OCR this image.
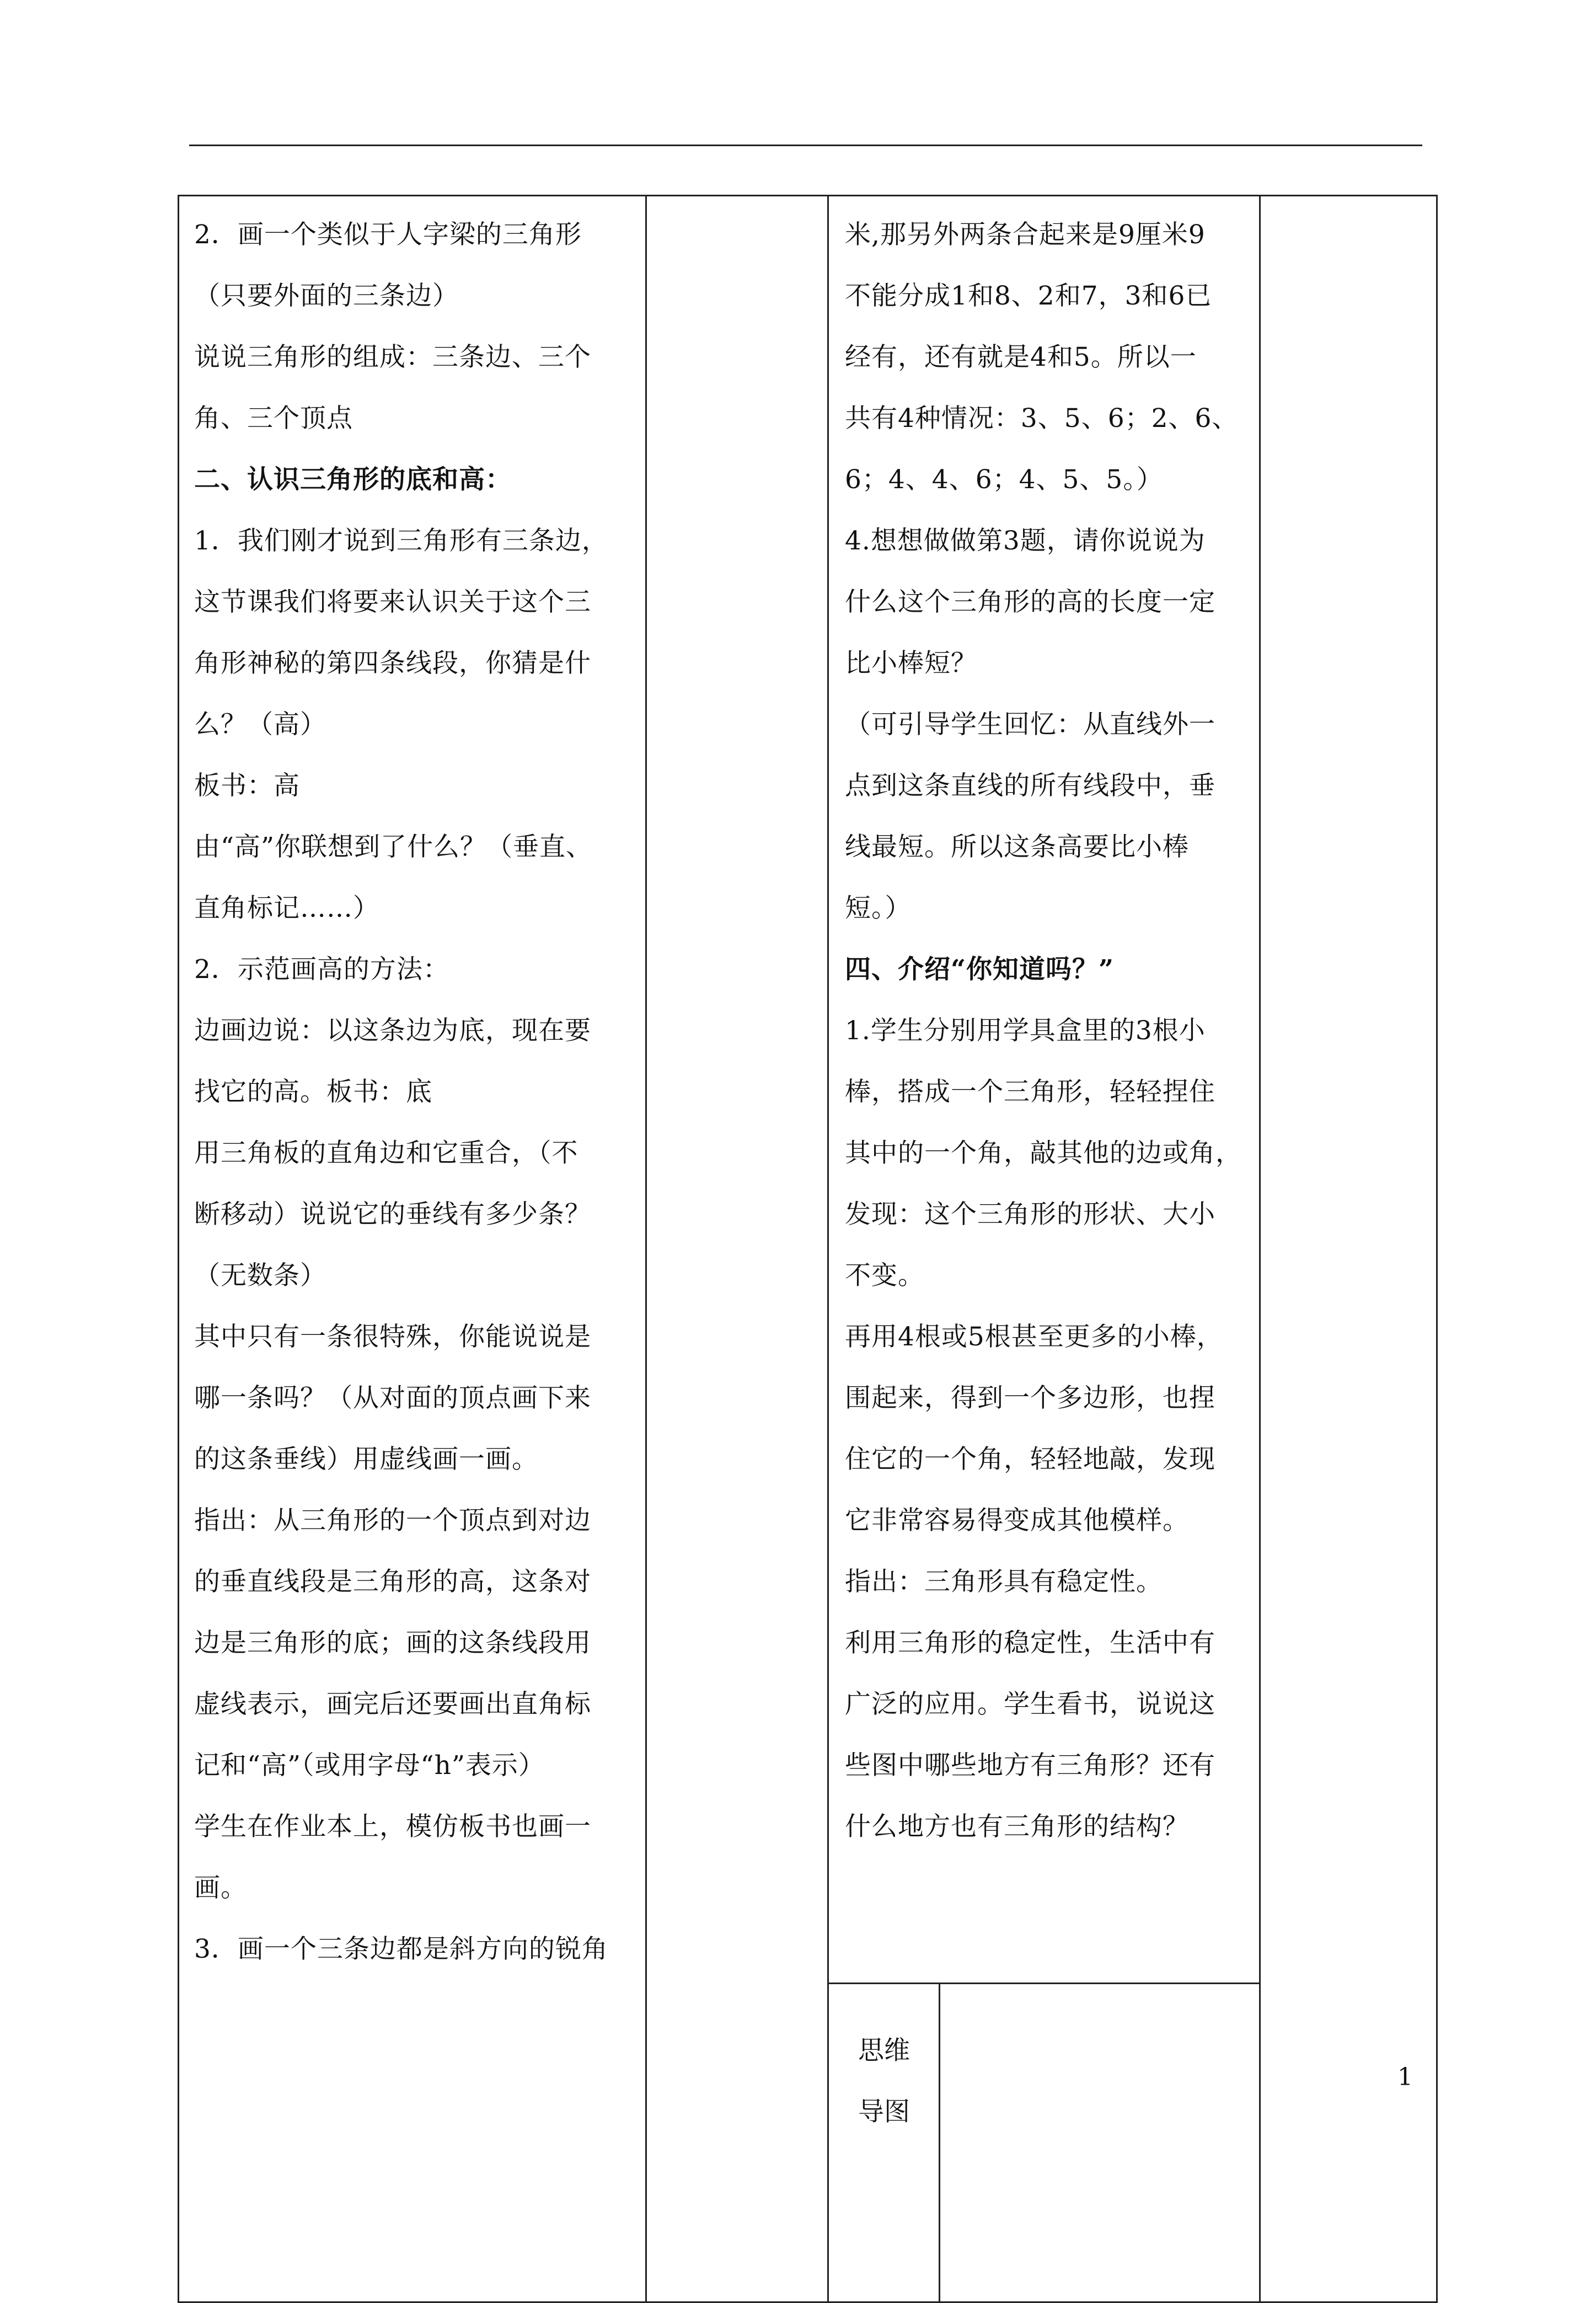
2．画一个类似于人字梁的三角形

（只要外面的三条边）

说说三角形的组成：三条边、三个

角、三个顶点

二、认识三角形的底和高：

1．我们刚才说到三角形有三条边，

这节课我们将要来认识关于这个三

角形神秘的第四条线段，你猜是什

么？（高）

板书：高

由“高”你联想到了什么？（垂直、

直角标记……）

2．示范画高的方法：

边画边说：以这条边为底，现在要

找它的高。板书：底

用三角板的直角边和它重合，（不

断移动）说说它的垂线有多少条？

（无数条）

其中只有一条很特殊，你能说说是

哪一条吗？（从对面的顶点画下来

的这条垂线）用虚线画一画。

指出：从三角形的一个顶点到对边

的垂直线段是三角形的高，这条对

边是三角形的底；画的这条线段用

虚线表示，画完后还要画出直角标

记和“高”（或用字母“h”表示）

学生在作业本上，模仿板书也画一

画。

3．画一个三条边都是斜方向的锐角

米,那另外两条合起来是9厘米9

不能分成1和8、2和7，3和6已

经有，还有就是4和5。所以一

共有4种情况：3、5、6；2、6、

6；4、4、6；4、5、5。）

4.想想做做第3题，请你说说为

什么这个三角形的高的长度一定

比小棒短？

（可引导学生回忆：从直线外一

点到这条直线的所有线段中，垂

线最短。所以这条高要比小棒

短。）

四、介绍“你知道吗？”

1.学生分别用学具盒里的3根小

棒，搭成一个三角形，轻轻捏住

其中的一个角，敲其他的边或角，

发现：这个三角形的形状、大小

不变。

再用4根或5根甚至更多的小棒，

围起来，得到一个多边形，也捏

住它的一个角，轻轻地敲，发现

它非常容易得变成其他模样。

指出：三角形具有稳定性。

利用三角形的稳定性，生活中有

广泛的应用。学生看书，说说这

些图中哪些地方有三角形？还有

什么地方也有三角形的结构？

思维

导图

1
